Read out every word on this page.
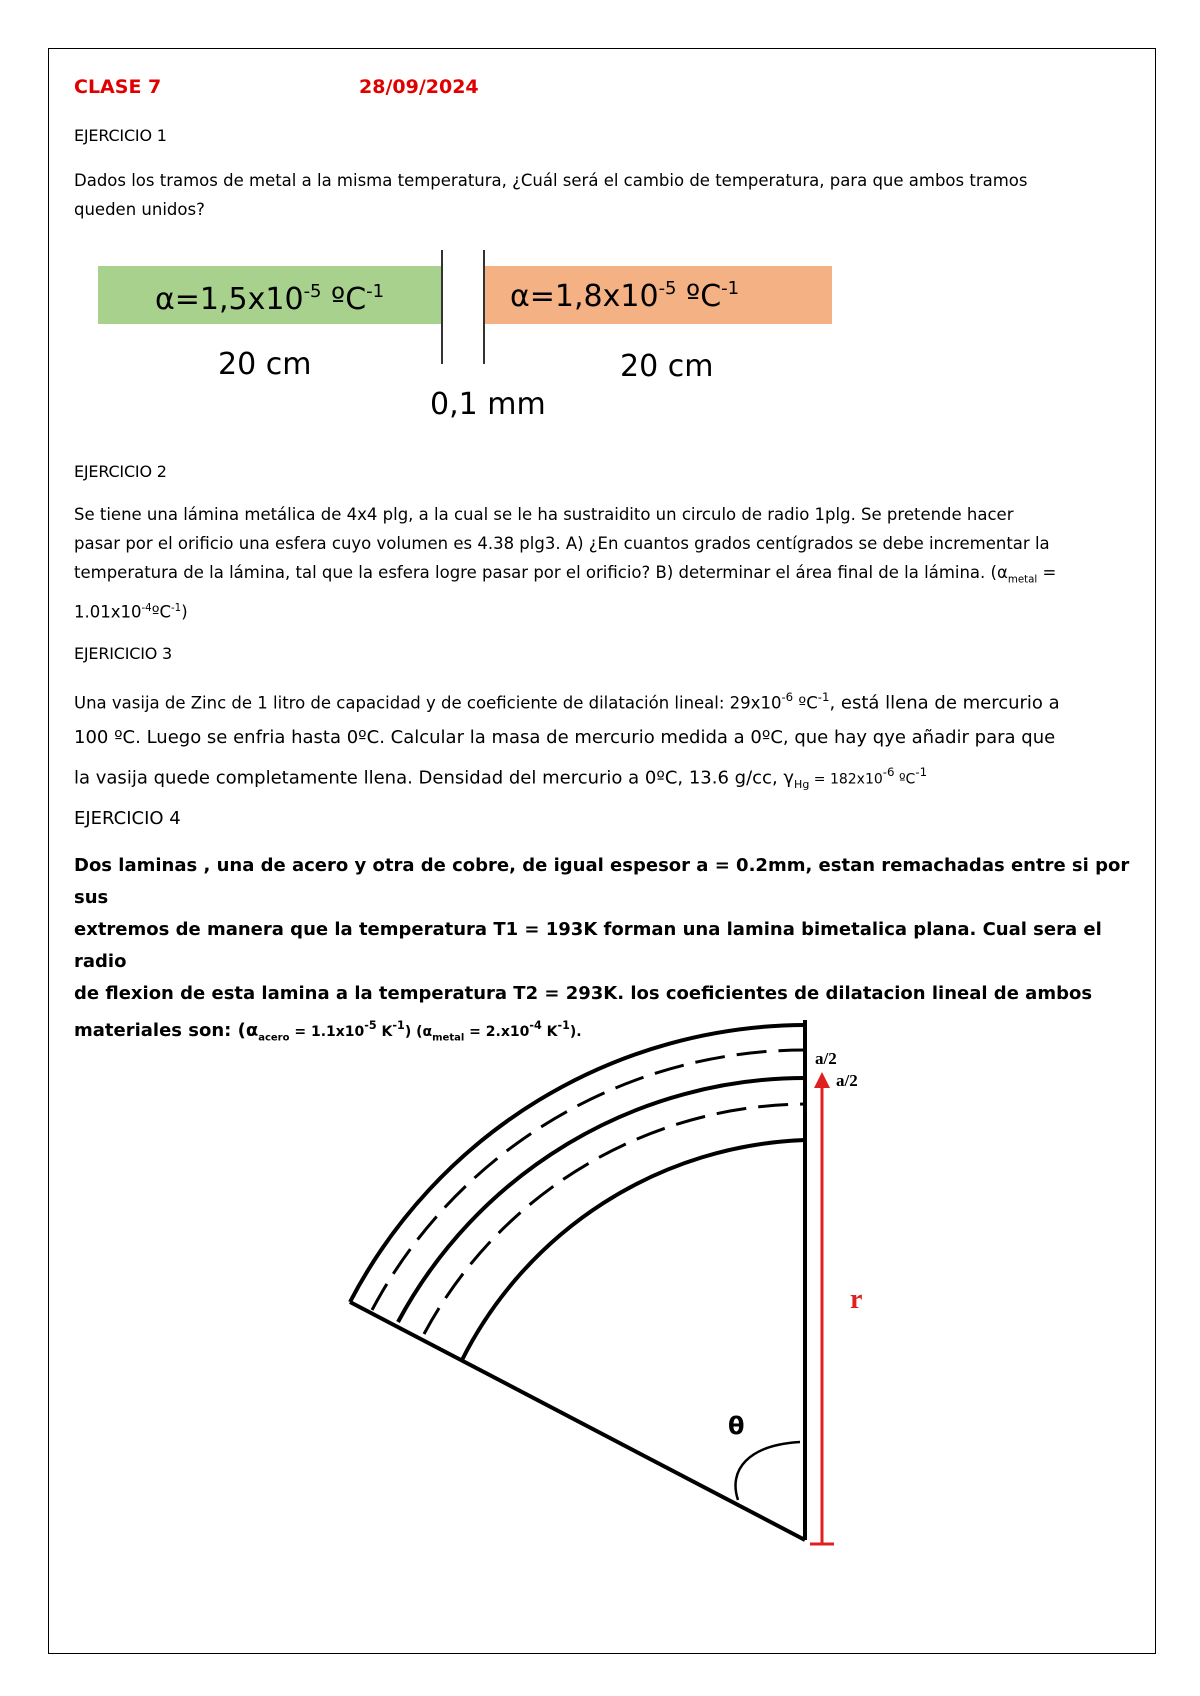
CLASE 7	28/09/2024
EJERCICIO 1
Dados los tramos de metal a la misma temperatura, ¿Cuál será el cambio de temperatura, para que ambos tramos
queden unidos?
$\alpha=1,5x10^{-5}$ ºC$^{-1}$	$\alpha=1,8x10^{-5}$ ºC$^{-1}$
20 cm	20 cm
0,1 mm
EJERCICIO 2
Se tiene una lámina metálica de 4x4 plg, a la cual se le ha sustraidito un circulo de radio 1plg. Se pretende hacer
pasar por el orificio una esfera cuyo volumen es 4.38 plg3. A) ¿En cuantos grados centígrados se debe incrementar la
temperatura de la lámina, tal que la esfera logre pasar por el orificio? B) determinar el área final de la lámina. ($\alpha_{metal}$ =
$1.01x10^{-4}ºC^{-1}$)
EJERICICIO 3
Una vasija de Zinc de 1 litro de capacidad y de coeficiente de dilatación lineal: $29x10^{-6}$ ºC$^{-1}$, está llena de mercurio a
100 ºC. Luego se enfria hasta 0ºC. Calcular la masa de mercurio medida a 0ºC, que hay qye añadir para que
la vasija quede completamente llena. Densidad del mercurio a 0ºC, 13.6 g/cc, $\gamma_{Hg} = 182x10^{-6}$ ºC$^{-1}$
EJERCICIO 4
Dos laminas , una de acero y otra de cobre, de igual espesor a = 0.2mm, estan remachadas entre si por sus
extremos de manera que la temperatura T1 = 193K forman una lamina bimetalica plana. Cual sera el radio
de flexion de esta lamina a la temperatura T2 = 293K. los coeficientes de dilatacion lineal de ambos
materiales son: ($\alpha_{acero} = 1.1x10^{-5}$ $K^{-1}$) ($\alpha_{metal} = 2.x10^{-4}$ $K^{-1}$).
a/2
a/2
r
θ
